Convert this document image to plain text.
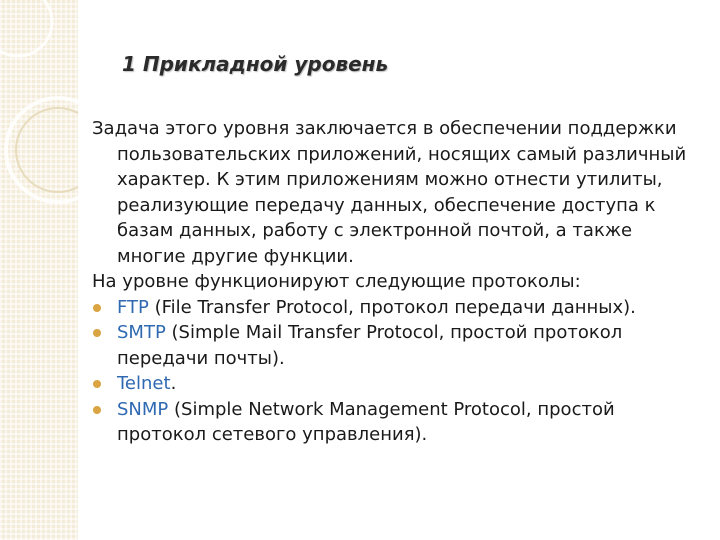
1 Прикладной уровень

Задача этого уровня заключается в обеспечении поддержки пользовательских приложений, носящих самый различный характер. К этим приложениям можно отнести утилиты, реализующие передачу данных, обеспечение доступа к базам данных, работу с электронной почтой, а также многие другие функции.

На уровне функционируют следующие протоколы:

FTP (File Transfer Protocol, протокол передачи данных).
SMTP (Simple Mail Transfer Protocol, простой протокол передачи почты).
Telnet.
SNMP (Simple Network Management Protocol, простой протокол сетевого управления).
